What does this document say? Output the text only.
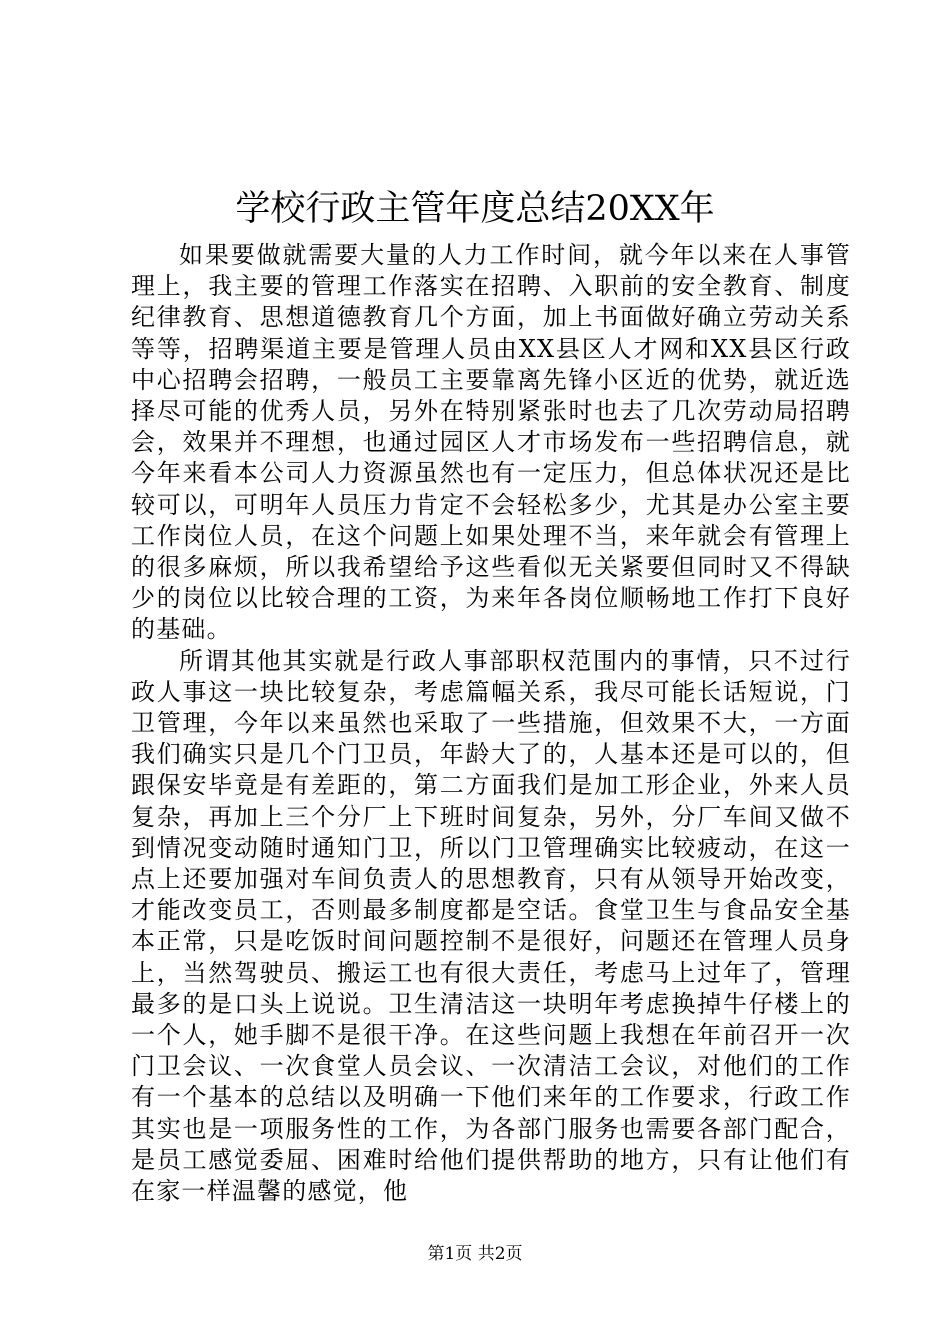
学校行政主管年度总结20XX年

如果要做就需要大量的人力工作时间，就今年以来在人事管理上，我主要的管理工作落实在招聘、入职前的安全教育、制度纪律教育、思想道德教育几个方面，加上书面做好确立劳动关系等等，招聘渠道主要是管理人员由XX县区人才网和XX县区行政中心招聘会招聘，一般员工主要靠离先锋小区近的优势，就近选择尽可能的优秀人员，另外在特别紧张时也去了几次劳动局招聘会，效果并不理想，也通过园区人才市场发布一些招聘信息，就今年来看本公司人力资源虽然也有一定压力，但总体状况还是比较可以，可明年人员压力肯定不会轻松多少，尤其是办公室主要工作岗位人员，在这个问题上如果处理不当，来年就会有管理上的很多麻烦，所以我希望给予这些看似无关紧要但同时又不得缺少的岗位以比较合理的工资，为来年各岗位顺畅地工作打下良好的基础。

所谓其他其实就是行政人事部职权范围内的事情，只不过行政人事这一块比较复杂，考虑篇幅关系，我尽可能长话短说，门卫管理，今年以来虽然也采取了一些措施，但效果不大，一方面我们确实只是几个门卫员，年龄大了的，人基本还是可以的，但跟保安毕竟是有差距的，第二方面我们是加工形企业，外来人员复杂，再加上三个分厂上下班时间复杂，另外，分厂车间又做不到情况变动随时通知门卫，所以门卫管理确实比较疲动，在这一点上还要加强对车间负责人的思想教育，只有从领导开始改变，才能改变员工，否则最多制度都是空话。食堂卫生与食品安全基本正常，只是吃饭时间问题控制不是很好，问题还在管理人员身上，当然驾驶员、搬运工也有很大责任，考虑马上过年了，管理最多的是口头上说说。卫生清洁这一块明年考虑换掉牛仔楼上的一个人，她手脚不是很干净。在这些问题上我想在年前召开一次门卫会议、一次食堂人员会议、一次清洁工会议，对他们的工作有一个基本的总结以及明确一下他们来年的工作要求，行政工作其实也是一项服务性的工作，为各部门服务也需要各部门配合，是员工感觉委屈、困难时给他们提供帮助的地方，只有让他们有在家一样温馨的感觉，他

第1页 共2页
